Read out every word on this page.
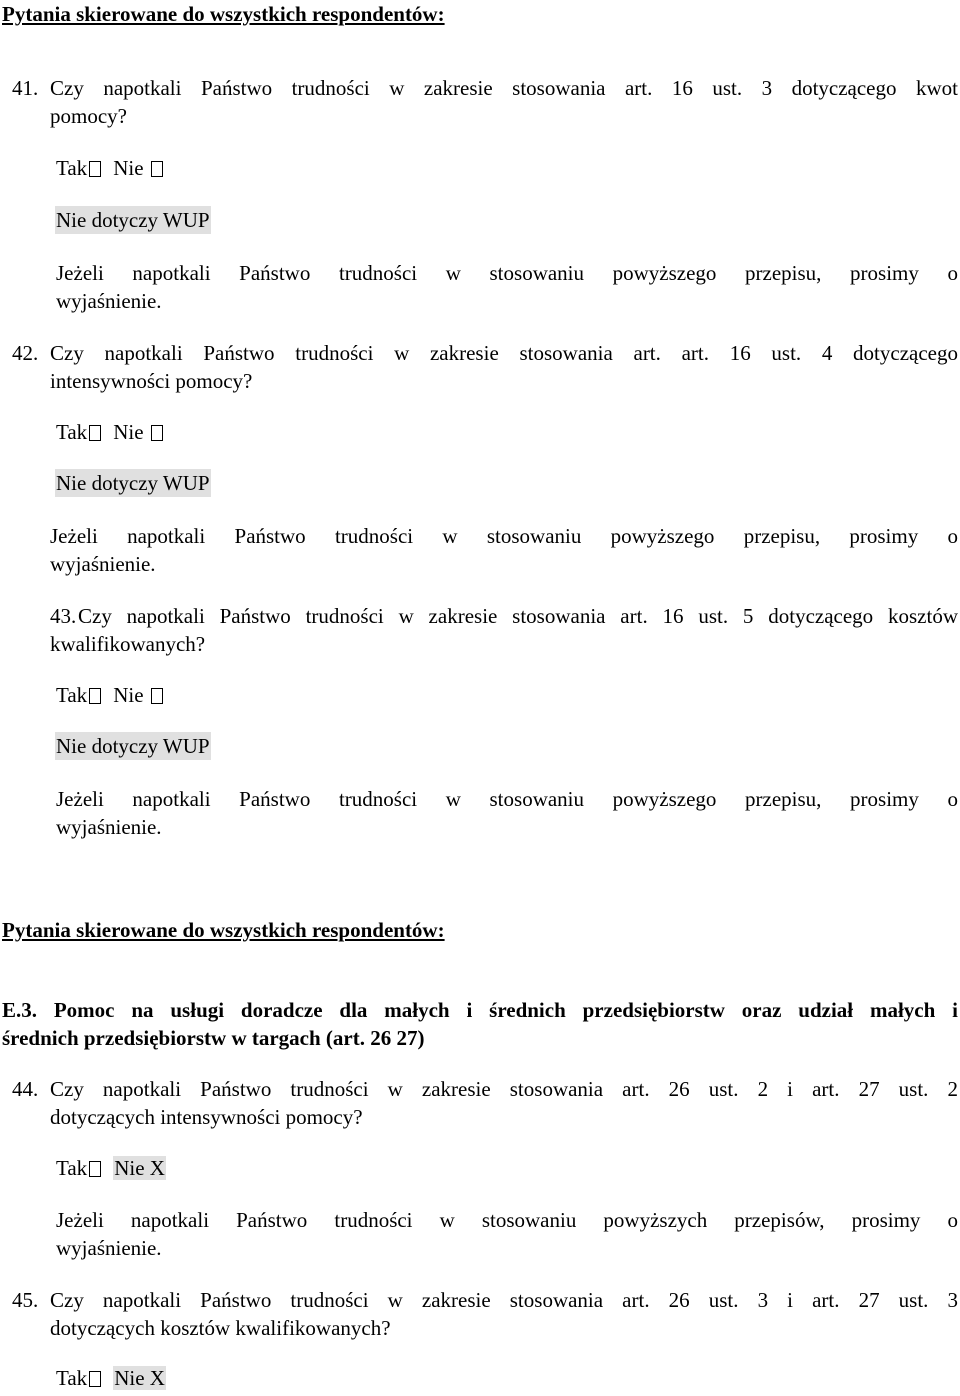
Pytania skierowane do wszystkich respondentów:
41. Czy napotkali Państwo trudności w zakresie stosowania art. 16 ust. 3 dotyczącego kwot
pomocy?
Tak Nie
Nie dotyczy WUP
Jeżeli napotkali Państwo trudności w stosowaniu powyższego przepisu, prosimy o
wyjaśnienie.
42. Czy napotkali Państwo trudności w zakresie stosowania art. art. 16 ust. 4 dotyczącego
intensywności pomocy?
Tak Nie
Nie dotyczy WUP
Jeżeli napotkali Państwo trudności w stosowaniu powyższego przepisu, prosimy o
wyjaśnienie.
43. Czy napotkali Państwo trudności w zakresie stosowania art. 16 ust. 5 dotyczącego kosztów
kwalifikowanych?
Tak Nie
Nie dotyczy WUP
Jeżeli napotkali Państwo trudności w stosowaniu powyższego przepisu, prosimy o
wyjaśnienie.
Pytania skierowane do wszystkich respondentów:
E.3. Pomoc na usługi doradcze dla małych i średnich przedsiębiorstw oraz udział małych i
średnich przedsiębiorstw w targach (art. 26 27)
44. Czy napotkali Państwo trudności w zakresie stosowania art. 26 ust. 2 i art. 27 ust. 2
dotyczących intensywności pomocy?
Tak Nie X
Jeżeli napotkali Państwo trudności w stosowaniu powyższych przepisów, prosimy o
wyjaśnienie.
45. Czy napotkali Państwo trudności w zakresie stosowania art. 26 ust. 3 i art. 27 ust. 3
dotyczących kosztów kwalifikowanych?
Tak Nie X
